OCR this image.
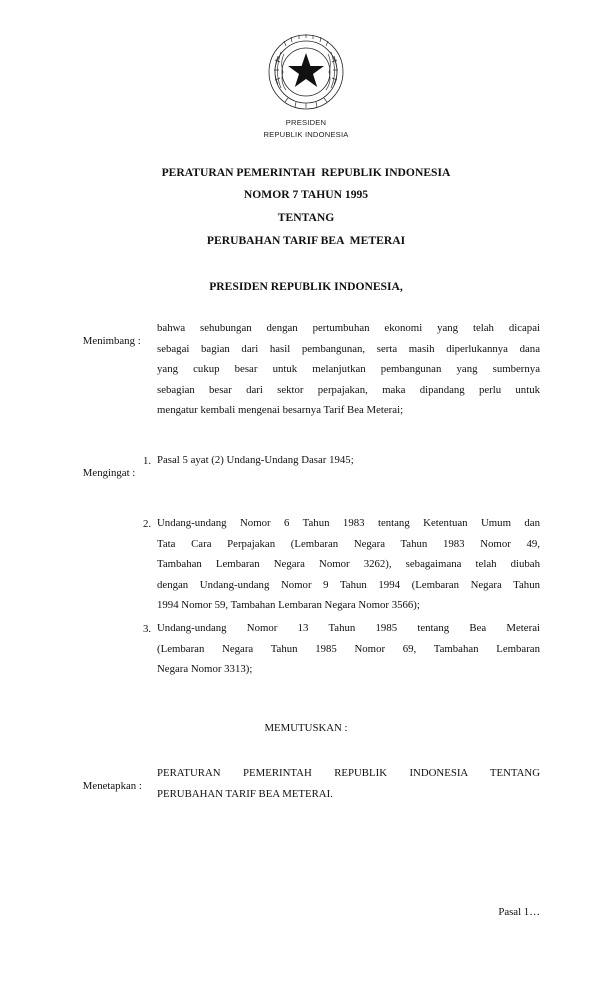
PRESIDEN
REPUBLIK INDONESIA
PERATURAN PEMERINTAH  REPUBLIK INDONESIA
NOMOR 7 TAHUN 1995
TENTANG
PERUBAHAN TARIF BEA  METERAI
PRESIDEN REPUBLIK INDONESIA,

Menimbang :

bahwa sehubungan dengan pertumbuhan ekonomi yang telah dicapai
sebagai bagian dari hasil pembangunan, serta masih diperlukannya dana
yang cukup besar untuk melanjutkan pembangunan yang sumbernya
sebagian besar dari sektor perpajakan, maka dipandang perlu untuk
mengatur kembali mengenai besarnya Tarif Bea Meterai;

Mengingat :

1. Pasal 5 ayat (2) Undang-Undang Dasar 1945;
2. Undang-undang Nomor 6 Tahun 1983 tentang Ketentuan Umum dan
Tata Cara Perpajakan (Lembaran Negara Tahun 1983 Nomor 49,
Tambahan Lembaran Negara Nomor 3262), sebagaimana telah diubah
dengan Undang-undang Nomor 9 Tahun 1994 (Lembaran Negara Tahun
1994 Nomor 59, Tambahan Lembaran Negara Nomor 3566);
3. Undang-undang Nomor 13 Tahun 1985 tentang Bea Meterai
(Lembaran Negara Tahun 1985 Nomor 69, Tambahan Lembaran
Negara Nomor 3313);
MEMUTUSKAN :

Menetapkan :

PERATURAN PEMERINTAH REPUBLIK INDONESIA TENTANG
PERUBAHAN TARIF BEA METERAI.
Pasal 1…
